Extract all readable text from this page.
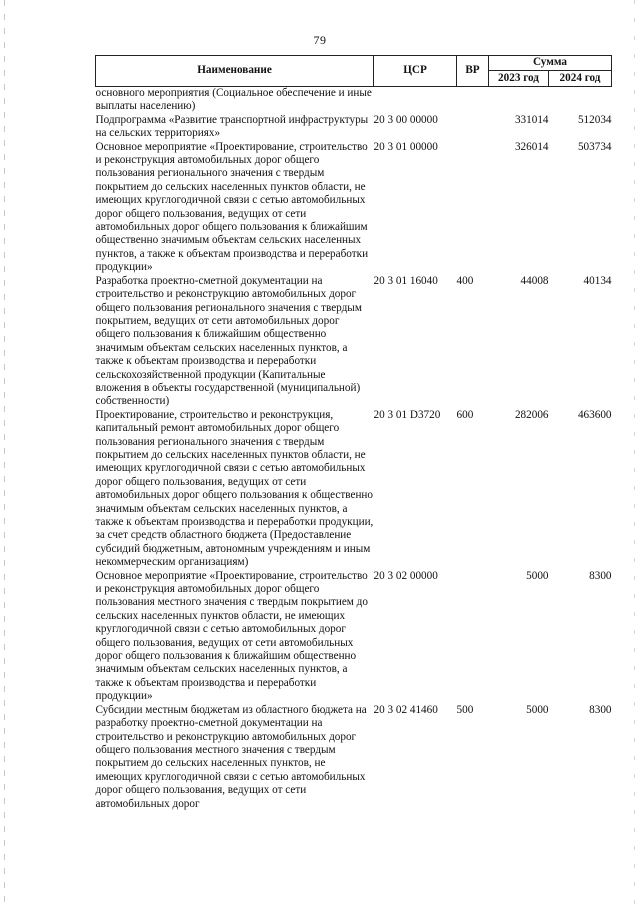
79
Наименование	ЦСР	ВР	Сумма	
			2023 год	2024 год
основного мероприятия (Социальное обеспечение и иные выплаты населению)				
Подпрограмма «Развитие транспортной инфраструктуры на сельских территориях»	20 3 00 00000		331014	512034
Основное мероприятие «Проектирование, строительство и реконструкция автомобильных дорог общего пользования регионального значения с твердым покрытием до сельских населенных пунктов области, не имеющих круглогодичной связи с сетью автомобильных дорог общего пользования, ведущих от сети автомобильных дорог общего пользования к ближайшим общественно значимым объектам сельских населенных пунктов, а также к объектам производства и переработки продукции»	20 3 01 00000		326014	503734
Разработка проектно-сметной документации на строительство и реконструкцию автомобильных дорог общего пользования регионального значения с твердым покрытием, ведущих от сети автомобильных дорог общего пользования к ближайшим общественно значимым объектам сельских населенных пунктов, а также к объектам производства и переработки сельскохозяйственной продукции (Капитальные вложения в объекты государственной (муниципальной) собственности)	20 3 01 16040	400	44008	40134
Проектирование, строительство и реконструкция, капитальный ремонт автомобильных дорог общего пользования регионального значения с твердым покрытием до сельских населенных пунктов области, не имеющих круглогодичной связи с сетью автомобильных дорог общего пользования, ведущих от сети автомобильных дорог общего пользования к общественно значимым объектам сельских населенных пунктов, а также к объектам производства и переработки продукции, за счет средств областного бюджета (Предоставление субсидий бюджетным, автономным учреждениям и иным некоммерческим организациям)	20 3 01 D3720	600	282006	463600
Основное мероприятие «Проектирование, строительство и реконструкция автомобильных дорог общего пользования местного значения с твердым покрытием до сельских населенных пунктов области, не имеющих круглогодичной связи с сетью автомобильных дорог общего пользования, ведущих от сети автомобильных дорог общего пользования к ближайшим общественно значимым объектам сельских населенных пунктов, а также к объектам производства и переработки продукции»	20 3 02 00000		5000	8300
Субсидии местным бюджетам из областного бюджета на разработку проектно-сметной документации на строительство и реконструкцию автомобильных дорог общего пользования местного значения с твердым покрытием до сельских населенных пунктов, не имеющих круглогодичной связи с сетью автомобильных дорог общего пользования, ведущих от сети автомобильных дорог	20 3 02 41460	500	5000	8300
